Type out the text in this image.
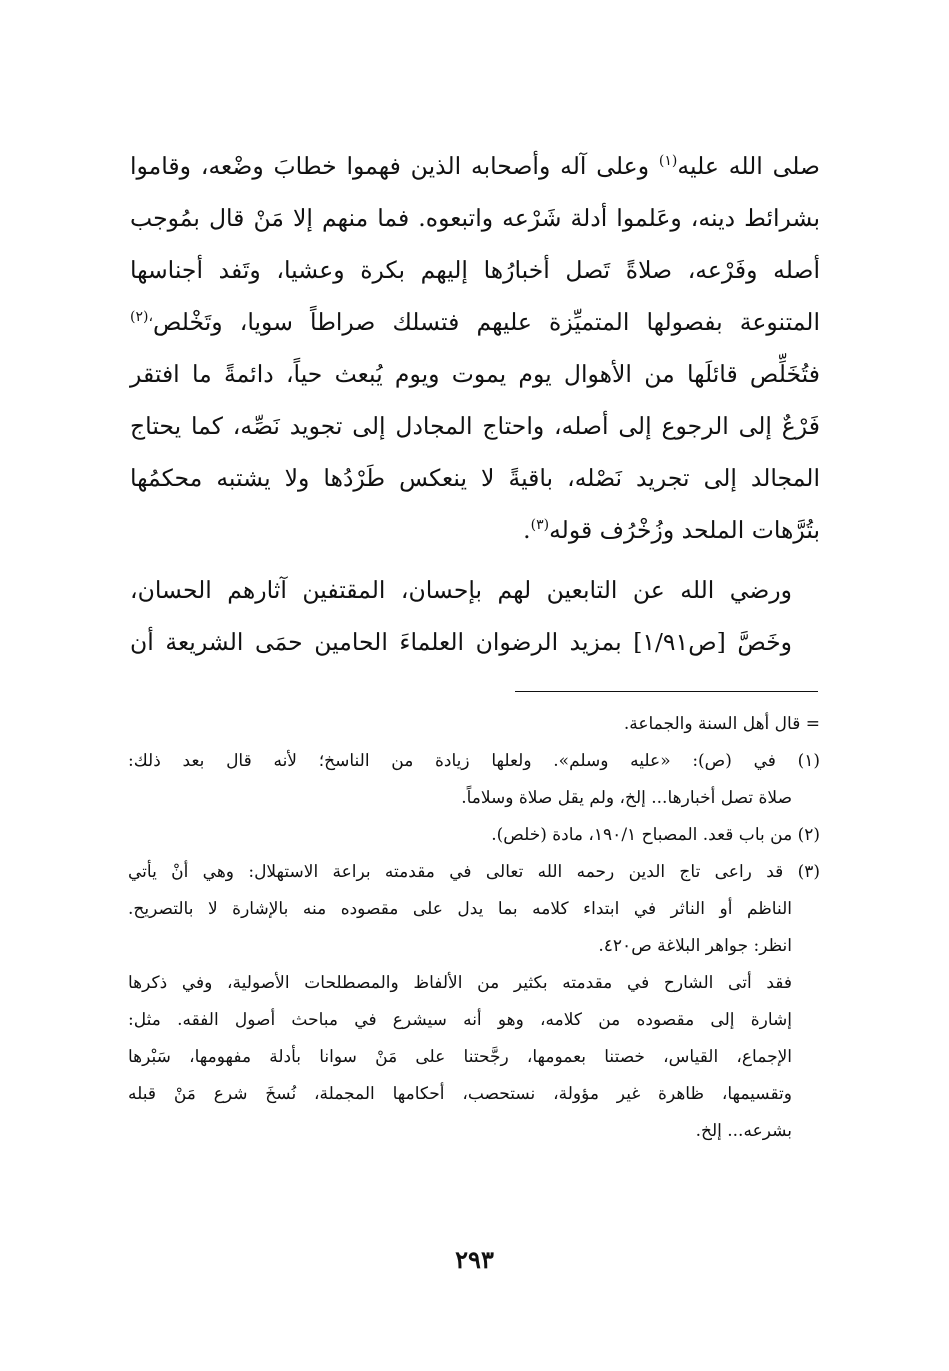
صلى الله عليه$^{(١)}$ وعلى آله وأصحابه الذين فهموا خطابَ وضْعه، وقاموا
بشرائط دينه، وعَلموا أدلة شَرْعه واتبعوه. فما منهم إلا مَنْ قال بمُوجب
أصله وفَرْعه، صلاةً تَصل أخبارُها إليهم بكرة وعشيا، وتَفد أجناسها
المتنوعة بفصولها المتميِّزة عليهم فتسلك صراطاً سويا، وتَخْلص$^{،(٢)}$
فتُخَلِّص قائلَها من الأهوال يوم يموت ويوم يُبعث حياً، دائمةً ما افتقر
فَرْعٌ إلى الرجوع إلى أصله، واحتاج المجادل إلى تجويد نَصِّه، كما يحتاج
المجالد إلى تجريد نَصْله، باقيةً لا ينعكس طَرْدُها ولا يشتبه محكمُها
بتُرَّهات الملحد وزُخْرُف قوله$^{(٣)}$.

ورضي الله عن التابعين لهم بإحسان، المقتفين آثارهم الحسان،
وخَصَّ [ص١/٩١] بمزيد الرضوان العلماءَ الحامين حمَى الشريعة أن

= قال أهل السنة والجماعة.
(١) في (ص): «عليه وسلم». ولعلها زيادة من الناسخ؛ لأنه قال بعد ذلك:
صلاة تصل أخبارها... إلخ، ولم يقل صلاة وسلاماً.
(٢) من باب قعد. المصباح ١٩٠/١، مادة (خلص).
(٣) قد راعى تاج الدين رحمه الله تعالى في مقدمته براعة الاستهلال: وهي أنْ يأتي
الناظم أو الناثر في ابتداء كلامه بما يدل على مقصوده منه بالإشارة لا بالتصريح.
انظر: جواهر البلاغة ص٤٢٠.
فقد أتى الشارح في مقدمته بكثير من الألفاظ والمصطلحات الأصولية، وفي ذكرها
إشارة إلى مقصوده من كلامه، وهو أنه سيشرع في مباحث أصول الفقه. مثل:
الإجماع، القياس، خصتنا بعمومها، رجَّحتنا على مَنْ سوانا بأدلة مفهومها، سَبْرها
وتقسيمها، ظاهرة غير مؤولة، نستحصب، أحكامها المجملة، نُسخَ شرع مَنْ قبله
بشرعه... إلخ.
٢٩٣
